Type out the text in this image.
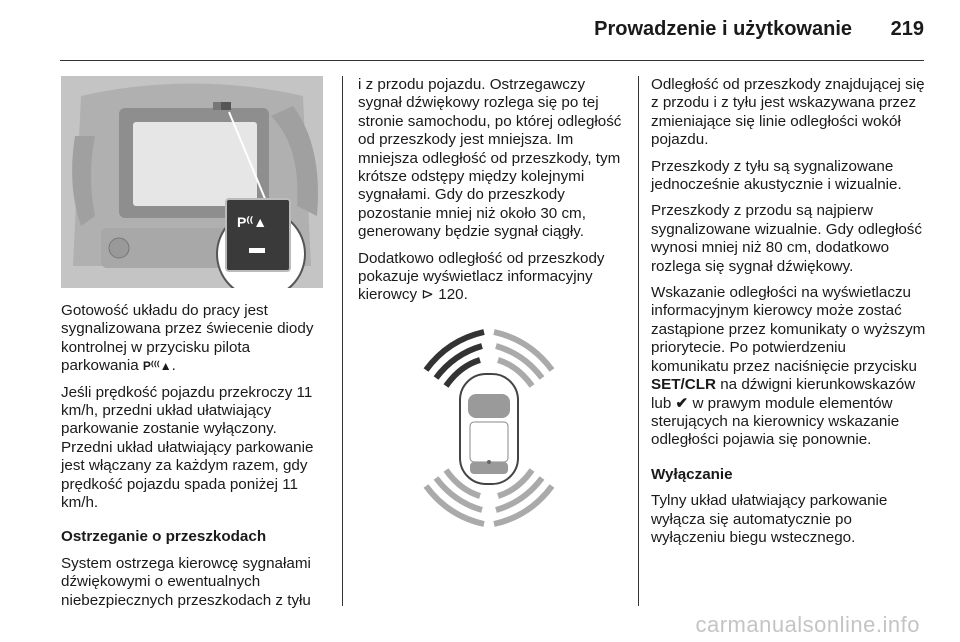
Prowadzenie i użytkowanie 219
P⁽⁽▲

Gotowość układu do pracy jest sygnalizowana przez świecenie diody kontrolnej w przycisku pilota parkowania P⁽⁽⁽▲.

Jeśli prędkość pojazdu przekroczy 11 km/h, przedni układ ułatwiający parkowanie zostanie wyłączony. Przedni układ ułatwiający parkowanie jest włączany za każdym razem, gdy prędkość pojazdu spada poniżej 11 km/h.

Ostrzeganie o przeszkodach

System ostrzega kierowcę sygnałami dźwiękowymi o ewentualnych niebezpiecznych przeszkodach z tyłu

i z przodu pojazdu. Ostrzegawczy sygnał dźwiękowy rozlega się po tej stronie samochodu, po której odległość od przeszkody jest mniejsza. Im mniejsza odległość od przeszkody, tym krótsze odstępy między kolejnymi sygnałami. Gdy do przeszkody pozostanie mniej niż około 30 cm, generowany będzie sygnał ciągły.

Dodatkowo odległość od przeszkody pokazuje wyświetlacz informacyjny kierowcy ⊳ 120.

Odległość od przeszkody znajdującej się z przodu i z tyłu jest wskazywana przez zmieniające się linie odległości wokół pojazdu.

Przeszkody z tyłu są sygnalizowane jednocześnie akustycznie i wizualnie.

Przeszkody z przodu są najpierw sygnalizowane wizualnie. Gdy odległość wynosi mniej niż 80 cm, dodatkowo rozlega się sygnał dźwiękowy.

Wskazanie odległości na wyświetlaczu informacyjnym kierowcy może zostać zastąpione przez komunikaty o wyższym priorytecie. Po potwierdzeniu komunikatu przez naciśnięcie przycisku SET/CLR na dźwigni kierunkowskazów lub ✔ w prawym module elementów sterujących na kierownicy wskazanie odległości pojawia się ponownie.

Wyłączanie

Tylny układ ułatwiający parkowanie wyłącza się automatycznie po wyłączeniu biegu wstecznego.

carmanualsonline.info
